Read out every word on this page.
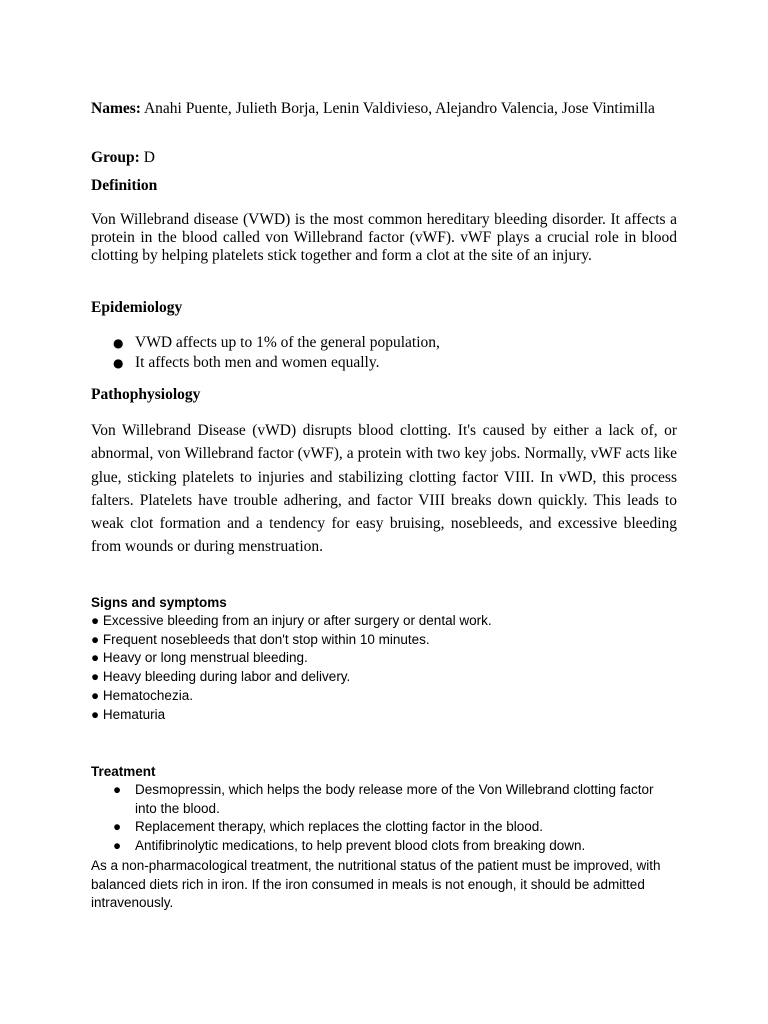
Names: Anahi Puente, Julieth Borja, Lenin Valdivieso, Alejandro Valencia, Jose Vintimilla
Group: D
Definition

Von Willebrand disease (VWD) is the most common hereditary bleeding disorder. It affects a protein in the blood called von Willebrand factor (vWF). vWF plays a crucial role in blood clotting by helping platelets stick together and form a clot at the site of an injury.

Epidemiology
● VWD affects up to 1% of the general population,
● It affects both men and women equally.
Pathophysiology

Von Willebrand Disease (vWD) disrupts blood clotting. It's caused by either a lack of, or abnormal, von Willebrand factor (vWF), a protein with two key jobs. Normally, vWF acts like glue, sticking platelets to injuries and stabilizing clotting factor VIII. In vWD, this process falters. Platelets have trouble adhering, and factor VIII breaks down quickly. This leads to weak clot formation and a tendency for easy bruising, nosebleeds, and excessive bleeding from wounds or during menstruation.

Signs and symptoms
● Excessive bleeding from an injury or after surgery or dental work.
● Frequent nosebleeds that don't stop within 10 minutes.
● Heavy or long menstrual bleeding.
● Heavy bleeding during labor and delivery.
● Hematochezia.
● Hematuria
Treatment
● Desmopressin, which helps the body release more of the Von Willebrand clotting factor into the blood.
● Replacement therapy, which replaces the clotting factor in the blood.
● Antifibrinolytic medications, to help prevent blood clots from breaking down.

As a non-pharmacological treatment, the nutritional status of the patient must be improved, with balanced diets rich in iron. If the iron consumed in meals is not enough, it should be admitted intravenously.
